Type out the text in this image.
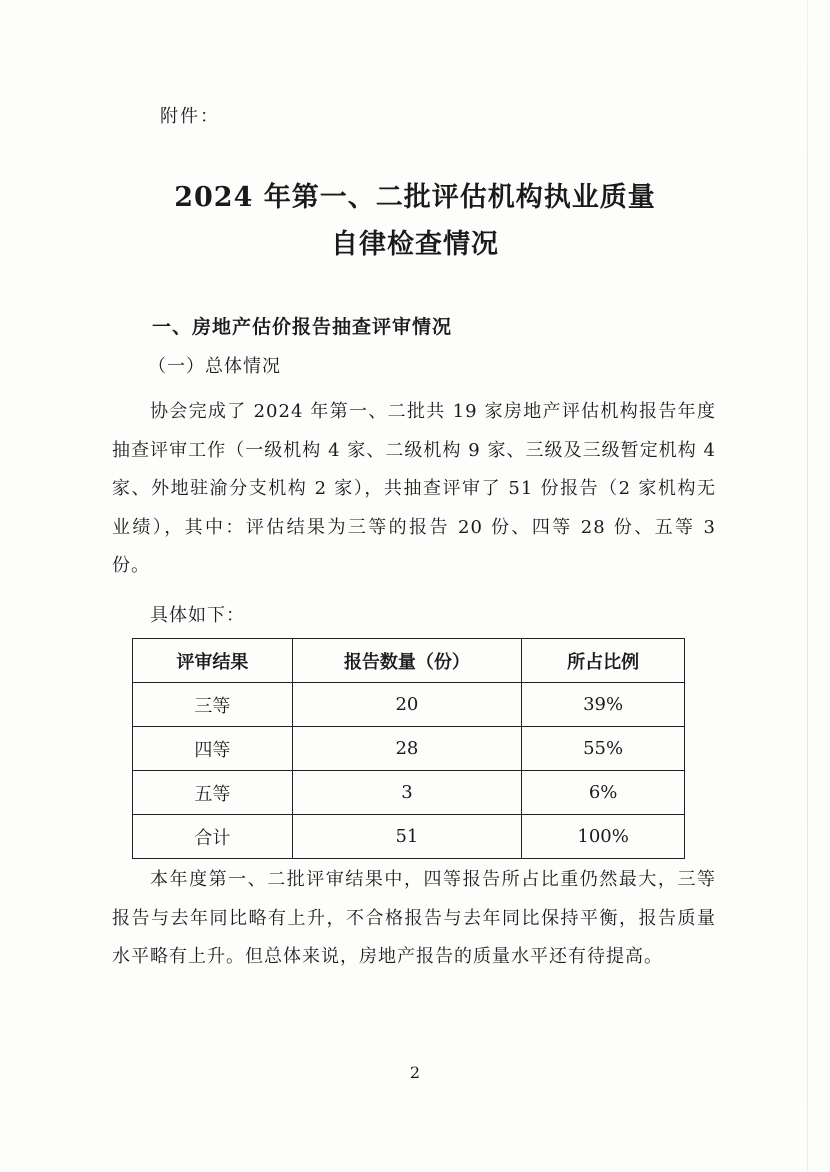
附件：
2024 年第一、二批评估机构执业质量
自律检查情况
一、房地产估价报告抽查评审情况
（一）总体情况
协会完成了 2024 年第一、二批共 19 家房地产评估机构报告年度抽查评审工作（一级机构 4 家、二级机构 9 家、三级及三级暂定机构 4 家、外地驻渝分支机构 2 家），共抽查评审了 51 份报告（2 家机构无业绩），其中：评估结果为三等的报告 20 份、四等 28 份、五等 3 份。
具体如下：
评审结果	报告数量（份）	所占比例
三等	20	39%
四等	28	55%
五等	3	6%
合计	51	100%
本年度第一、二批评审结果中，四等报告所占比重仍然最大，三等报告与去年同比略有上升，不合格报告与去年同比保持平衡，报告质量水平略有上升。但总体来说，房地产报告的质量水平还有待提高。
2
